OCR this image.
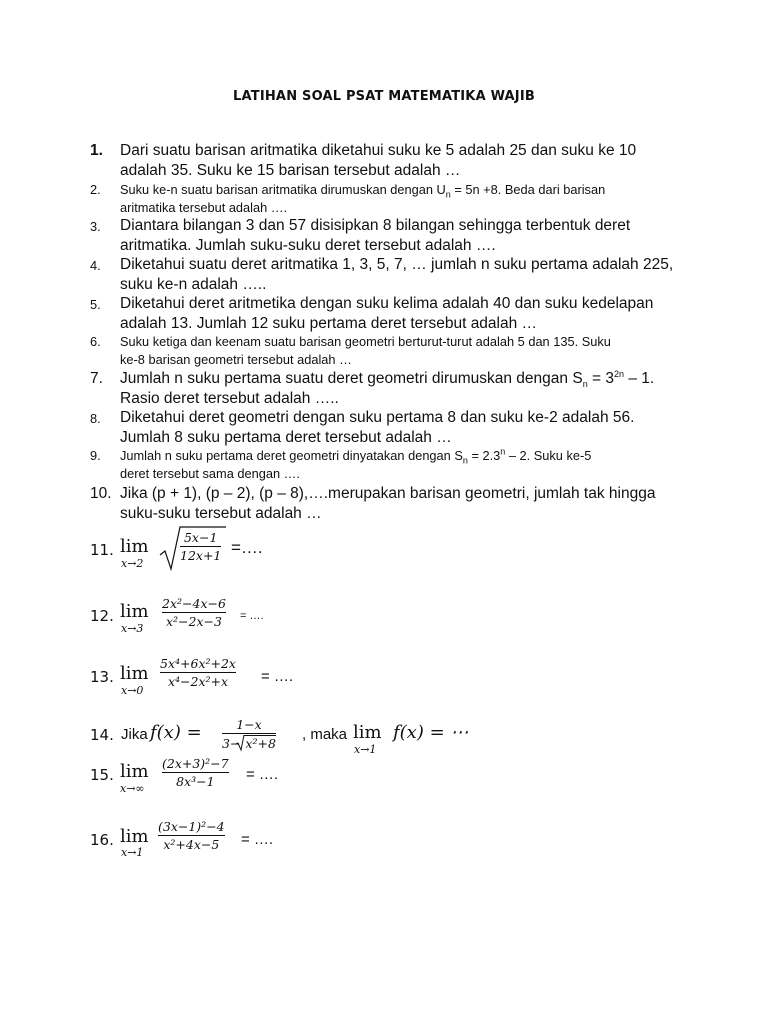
LATIHAN SOAL PSAT MATEMATIKA WAJIB
1. Dari suatu barisan aritmatika diketahui suku ke 5 adalah 25 dan suku ke 10
adalah 35. Suku ke 15 barisan tersebut adalah …
2. Suku ke-n suatu barisan aritmatika dirumuskan dengan $U_n = 5n +8$. Beda dari barisan
aritmatika tersebut adalah ….
3. Diantara bilangan 3 dan 57 disisipkan 8 bilangan sehingga terbentuk deret
aritmatika. Jumlah suku-suku deret tersebut adalah ….
4. Diketahui suatu deret aritmatika 1, 3, 5, 7, … jumlah n suku pertama adalah 225,
suku ke-n adalah …..
5. Diketahui deret aritmetika dengan suku kelima adalah 40 dan suku kedelapan
adalah 13. Jumlah 12 suku pertama deret tersebut adalah …
6. Suku ketiga dan keenam suatu barisan geometri berturut-turut adalah 5 dan 135. Suku
ke-8 barisan geometri tersebut adalah …
7. Jumlah n suku pertama suatu deret geometri dirumuskan dengan $S_n = 3^{2n} - 1$.
Rasio deret tersebut adalah …..
8. Diketahui deret geometri dengan suku pertama 8 dan suku ke-2 adalah 56.
Jumlah 8 suku pertama deret tersebut adalah …
9. Jumlah n suku pertama deret geometri dinyatakan dengan $S_n = 2.3^n - 2$. Suku ke-5
deret tersebut sama dengan ….
10. Jika (p + 1), (p – 2), (p – 8),….merupakan barisan geometri, jumlah tak hingga
suku-suku tersebut adalah …
11. lim
x→2
5x−1
12x+1 =….
12. lim
x→3
2x²−4x−6
x²−2x−3	= ….
13. lim
x→0
5x⁴+6x²+2x
x⁴−2x²+x	= ….
14. Jika f(x) =	1−x
3−
x²+8
, maka lim
x→1
f(x) = ⋯
15. lim
x→∞
(2x+3)²−7
8x³−1	= ….
16. lim
x→1
(3x−1)²−4
x²+4x−5	= ….
